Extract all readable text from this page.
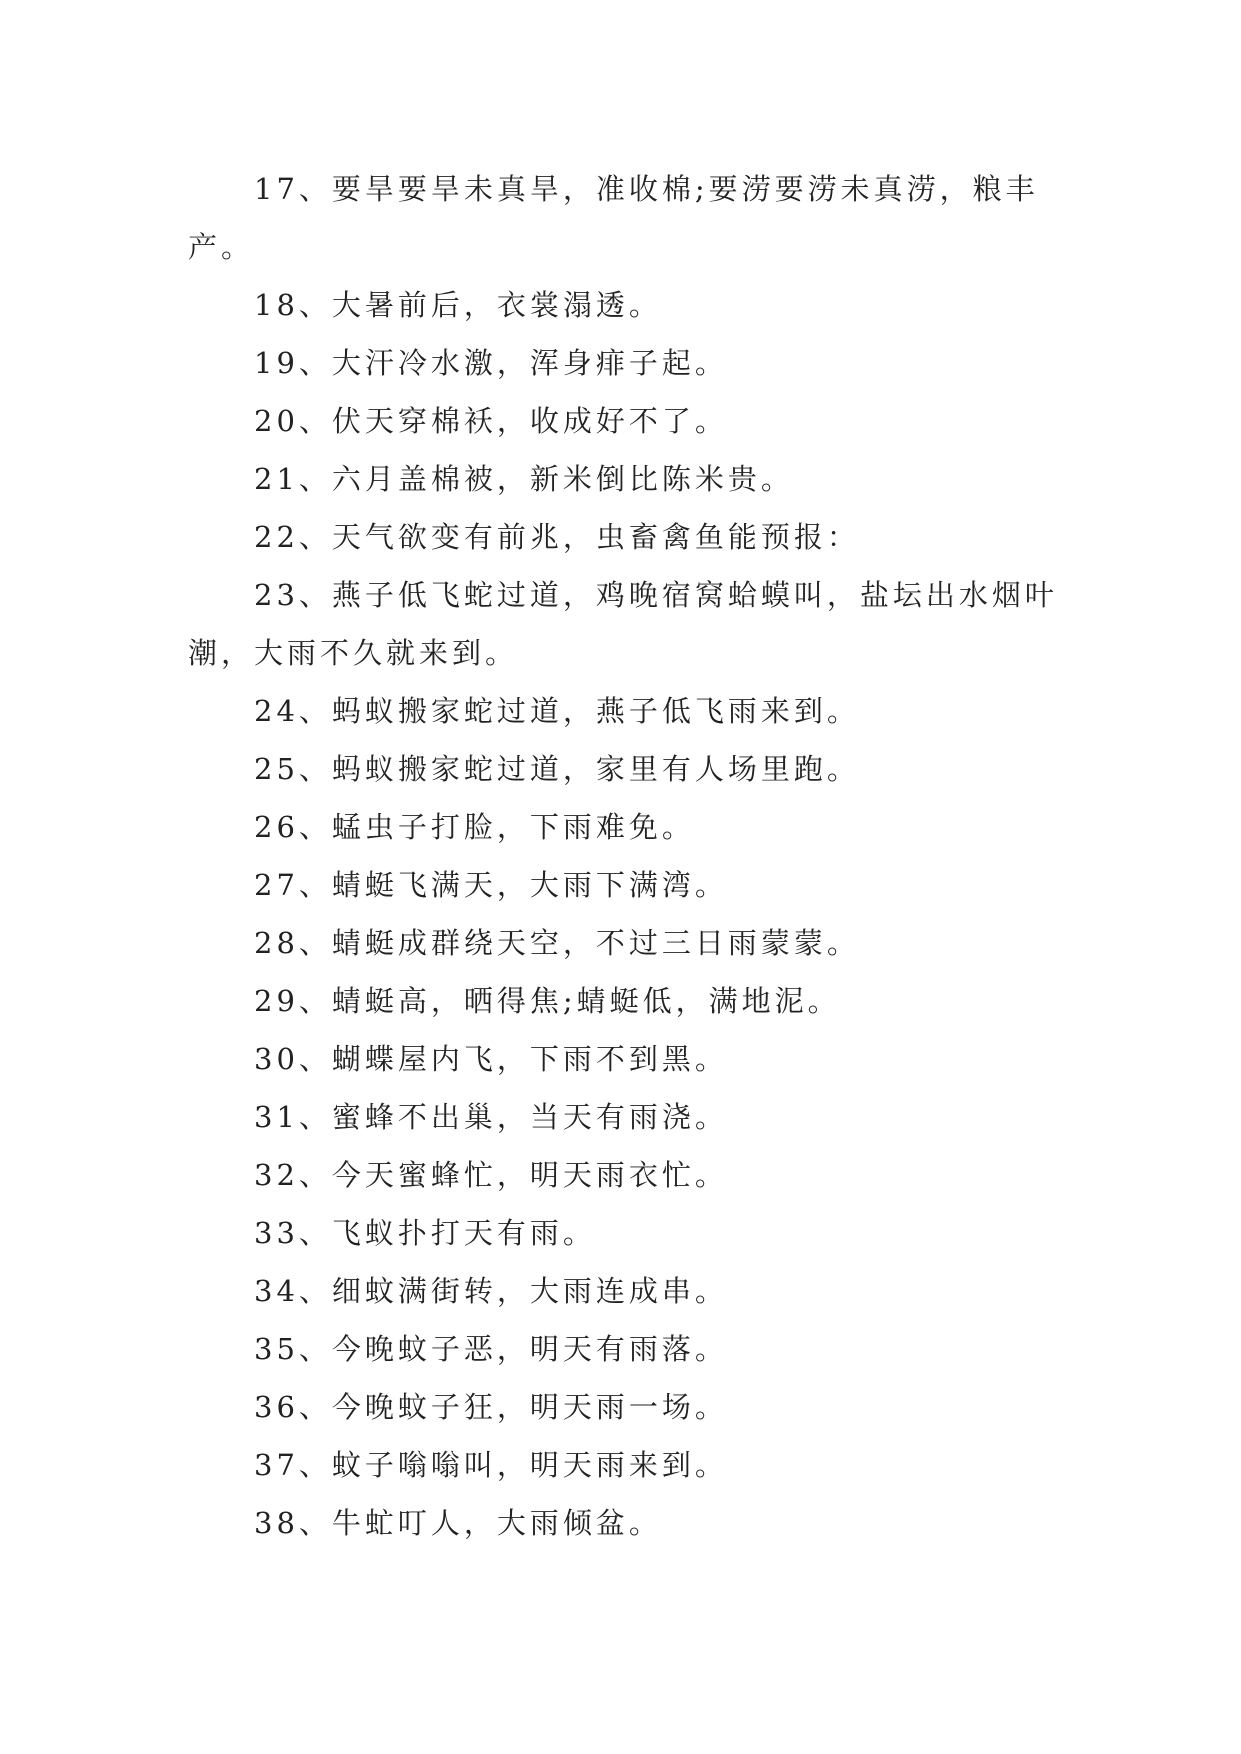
17、要旱要旱未真旱，准收棉;要涝要涝未真涝，粮丰产。

18、大暑前后，衣裳溻透。

19、大汗冷水激，浑身痱子起。

20、伏天穿棉袄，收成好不了。

21、六月盖棉被，新米倒比陈米贵。

22、天气欲变有前兆，虫畜禽鱼能预报：

23、燕子低飞蛇过道，鸡晚宿窝蛤蟆叫，盐坛出水烟叶潮，大雨不久就来到。

24、蚂蚁搬家蛇过道，燕子低飞雨来到。

25、蚂蚁搬家蛇过道，家里有人场里跑。

26、蜢虫子打脸，下雨难免。

27、蜻蜓飞满天，大雨下满湾。

28、蜻蜓成群绕天空，不过三日雨蒙蒙。

29、蜻蜓高，晒得焦;蜻蜓低，满地泥。

30、蝴蝶屋内飞，下雨不到黑。

31、蜜蜂不出巢，当天有雨浇。

32、今天蜜蜂忙，明天雨衣忙。

33、飞蚁扑打天有雨。

34、细蚊满街转，大雨连成串。

35、今晚蚊子恶，明天有雨落。

36、今晚蚊子狂，明天雨一场。

37、蚊子嗡嗡叫，明天雨来到。

38、牛虻叮人，大雨倾盆。
